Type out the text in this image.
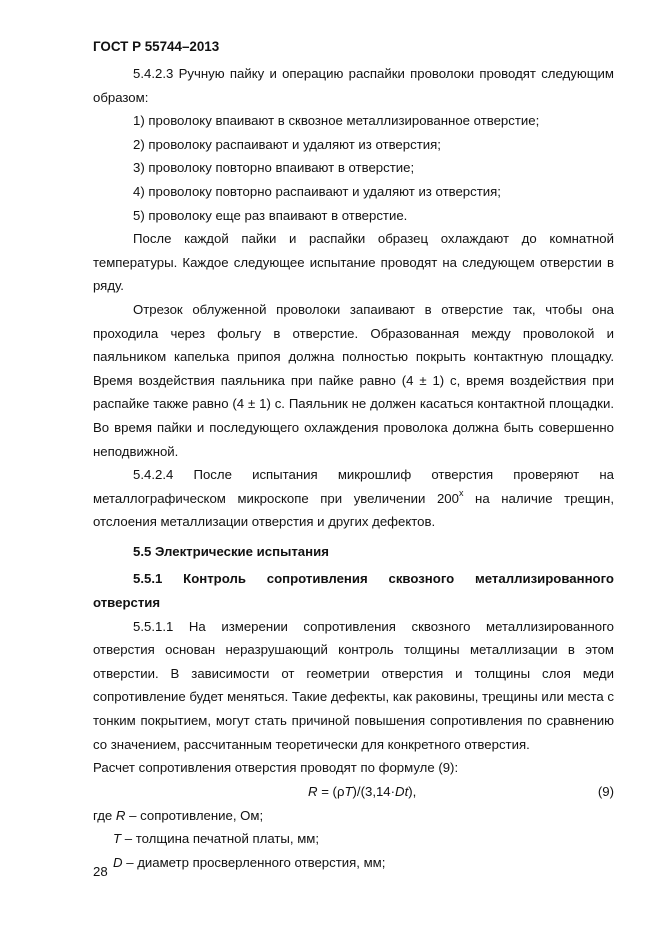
ГОСТ Р 55744–2013

5.4.2.3 Ручную пайку и операцию распайки проволоки проводят следующим образом:

1) проволоку впаивают в сквозное металлизированное отверстие;

2) проволоку распаивают и удаляют из отверстия;

3) проволоку повторно впаивают в отверстие;

4) проволоку повторно распаивают и удаляют из отверстия;

5) проволоку еще раз впаивают в отверстие.

После каждой пайки и распайки образец охлаждают до комнатной температуры. Каждое следующее испытание проводят на следующем отверстии в ряду.

Отрезок облуженной проволоки запаивают в отверстие так, чтобы она проходила через фольгу в отверстие. Образованная между проволокой и паяльником капелька припоя должна полностью покрыть контактную площадку. Время воздействия паяльника при пайке равно (4 ± 1) с, время воздействия при распайке также равно (4 ± 1) с. Паяльник не должен касаться контактной площадки. Во время пайки и последующего охлаждения проволока должна быть совершенно неподвижной.

5.4.2.4 После испытания микрошлиф отверстия проверяют на металлографическом микроскопе при увеличении $200^х$ на наличие трещин, отслоения металлизации отверстия и других дефектов.

5.5 Электрические испытания

5.5.1 Контроль сопротивления сквозного металлизированного отверстия

5.5.1.1 На измерении сопротивления сквозного металлизированного отверстия основан неразрушающий контроль толщины металлизации в этом отверстии. В зависимости от геометрии отверстия и толщины слоя меди сопротивление будет меняться. Такие дефекты, как раковины, трещины или места с тонким покрытием, могут стать причиной повышения сопротивления по сравнению со значением, рассчитанным теоретически для конкретного отверстия.

Расчет сопротивления отверстия проводят по формуле (9):

R = (ρT)/(3,14·Dt),	(9)

где R – сопротивление, Ом;

T – толщина печатной платы, мм;

D – диаметр просверленного отверстия, мм;

28
